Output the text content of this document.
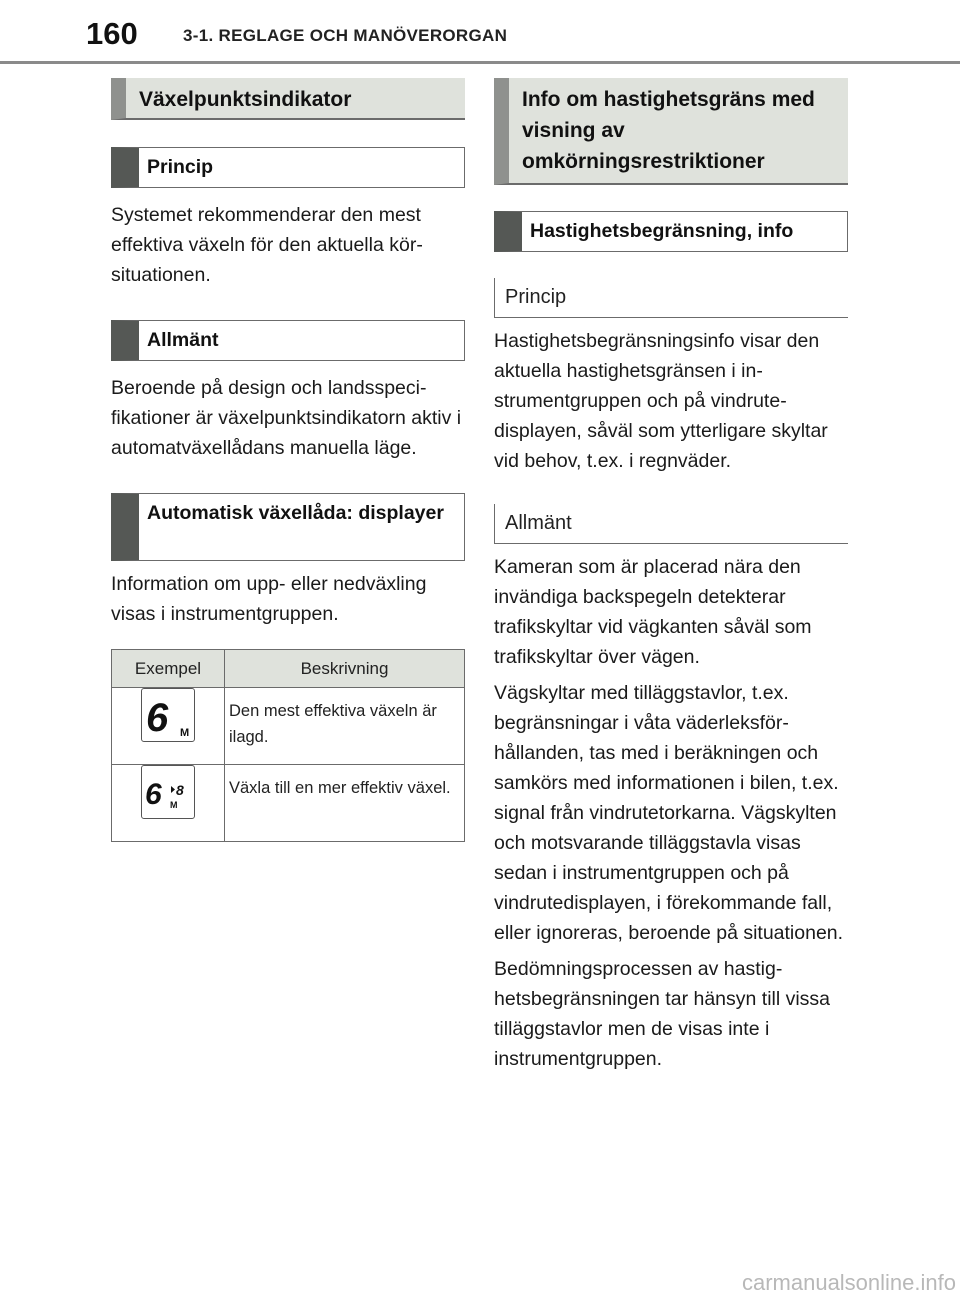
160	3-1. REGLAGE OCH MANÖVERORGAN
Växelpunktsindikator
Princip

Systemet rekommenderar den mest effektiva växeln för den aktuella körsituationen.

Allmänt

Beroende på design och landsspecifikationer är växelpunktsindikatorn aktiv i automatväxellådans manuella läge.

Automatisk växellåda: displayer

Information om upp- eller nedväxling visas i instrumentgruppen.

Exempel	Beskrivning

6 M	Den mest effektiva växeln är ilagd.

6 8
M	Växla till en mer effektiv växel.
Info om hastighetsgräns med visning av omkörningsrestriktioner
Hastighetsbegränsning, info
Princip

Hastighetsbegränsningsinfo visar den aktuella hastighetsgränsen i instrumentgruppen och på vindrutedisplayen, såväl som ytterligare skyltar vid behov, t.ex. i regnväder.

Allmänt

Kameran som är placerad nära den invändiga backspegeln detekterar trafikskyltar vid vägkanten såväl som trafikskyltar över vägen.

Vägskyltar med tilläggstavlor, t.ex. begränsningar i våta väderleksförhållanden, tas med i beräkningen och samkörs med informationen i bilen, t.ex. signal från vindrutetorkarna. Vägskylten och motsvarande tilläggstavla visas sedan i instrumentgruppen och på vindrutedisplayen, i förekommande fall, eller ignoreras, beroende på situationen.

Bedömningsprocessen av hastighetsbegränsningen tar hänsyn till vissa tilläggstavlor men de visas inte i instrumentgruppen.

carmanualsonline.info
